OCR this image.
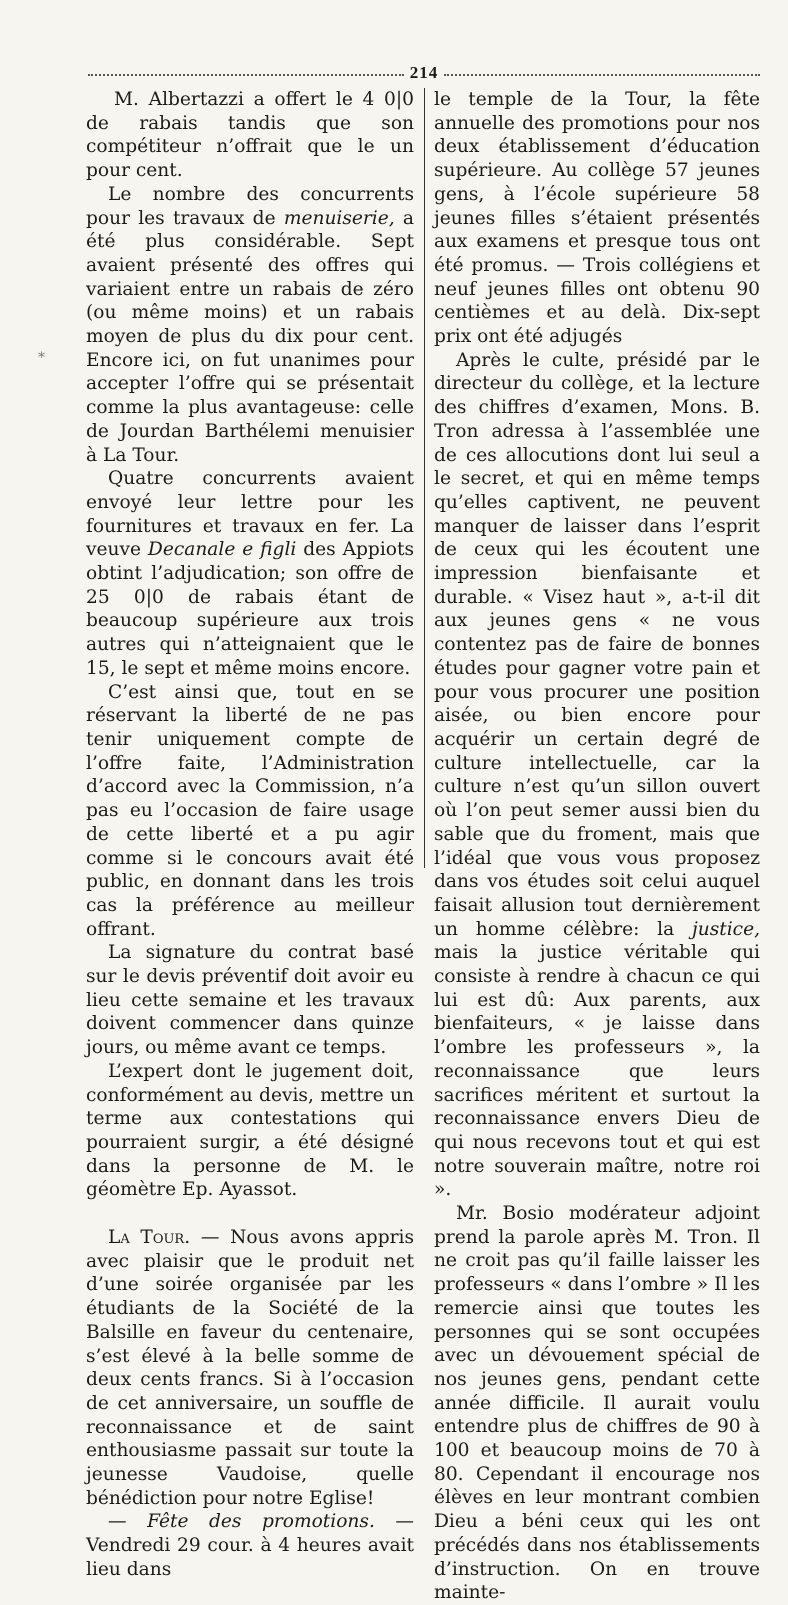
214
*

M. Albertazzi a offert le 4 0|0 de rabais tandis que son compétiteur n’offrait que le un pour cent.

Le nombre des concurrents pour les travaux de menuiserie, a été plus considérable. Sept avaient présenté des offres qui variaient entre un rabais de zéro (ou même moins) et un rabais moyen de plus du dix pour cent. Encore ici, on fut unanimes pour accepter l’offre qui se présentait comme la plus avantageuse: celle de Jourdan Barthélemi menuisier à La Tour.

Quatre concurrents avaient envoyé leur lettre pour les fournitures et travaux en fer. La veuve Decanale e figli des Appiots obtint l’adjudication; son offre de 25 0|0 de rabais étant de beaucoup supérieure aux trois autres qui n’atteignaient que le 15, le sept et même moins encore.

C’est ainsi que, tout en se réservant la liberté de ne pas tenir uniquement compte de l’offre faite, l’Administration d’accord avec la Commission, n’a pas eu l’occasion de faire usage de cette liberté et a pu agir comme si le concours avait été public, en donnant dans les trois cas la préférence au meilleur offrant.

La signature du contrat basé sur le devis préventif doit avoir eu lieu cette semaine et les travaux doivent commencer dans quinze jours, ou même avant ce temps.

L’expert dont le jugement doit, conformément au devis, mettre un terme aux contestations qui pourraient surgir, a été désigné dans la personne de M. le géomètre Ep. Ayassot.

La Tour. — Nous avons appris avec plaisir que le produit net d’une soirée organisée par les étudiants de la Société de la Balsille en faveur du centenaire, s’est élevé à la belle somme de deux cents francs. Si à l’occasion de cet anniversaire, un souffle de reconnaissance et de saint enthousiasme passait sur toute la jeunesse Vaudoise, quelle bénédiction pour notre Eglise!

— Fête des promotions. — Vendredi 29 cour. à 4 heures avait lieu dans

le temple de la Tour, la fête annuelle des promotions pour nos deux établissement d’éducation supérieure. Au collège 57 jeunes gens, à l’école supérieure 58 jeunes filles s’étaient présentés aux examens et presque tous ont été promus. — Trois collégiens et neuf jeunes filles ont obtenu 90 centièmes et au delà. Dix-sept prix ont été adjugés

Après le culte, présidé par le directeur du collège, et la lecture des chiffres d’examen, Mons. B. Tron adressa à l’assemblée une de ces allocutions dont lui seul a le secret, et qui en même temps qu’elles captivent, ne peuvent manquer de laisser dans l’esprit de ceux qui les écoutent une impression bienfaisante et durable. « Visez haut », a-t-il dit aux jeunes gens « ne vous contentez pas de faire de bonnes études pour gagner votre pain et pour vous procurer une position aisée, ou bien encore pour acquérir un certain degré de culture intellectuelle, car la culture n’est qu’un sillon ouvert où l’on peut semer aussi bien du sable que du froment, mais que l’idéal que vous vous proposez dans vos études soit celui auquel faisait allusion tout dernièrement un homme célèbre: la justice, mais la justice véritable qui consiste à rendre à chacun ce qui lui est dû: Aux parents, aux bienfaiteurs, « je laisse dans l’ombre les professeurs », la reconnaissance que leurs sacrifices méritent et surtout la reconnaissance envers Dieu de qui nous recevons tout et qui est notre souverain maître, notre roi ».

Mr. Bosio modérateur adjoint prend la parole après M. Tron. Il ne croit pas qu’il faille laisser les professeurs « dans l’ombre » Il les remercie ainsi que toutes les personnes qui se sont occupées avec un dévouement spécial de nos jeunes gens, pendant cette année difficile. Il aurait voulu entendre plus de chiffres de 90 à 100 et beaucoup moins de 70 à 80. Cependant il encourage nos élèves en leur montrant combien Dieu a béni ceux qui les ont précédés dans nos établissements d’instruction. On en trouve mainte-
